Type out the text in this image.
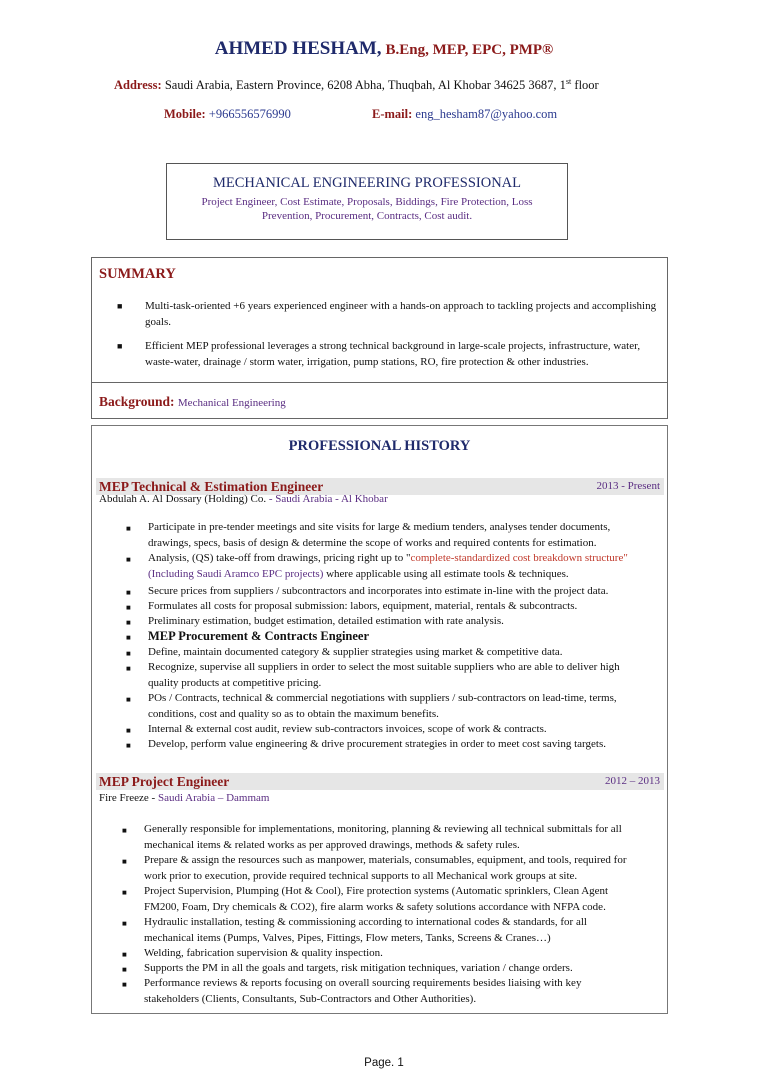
AHMED HESHAM, B.Eng, MEP, EPC, PMP®
Address: Saudi Arabia, Eastern Province, 6208 Abha, Thuqbah, Al Khobar 34625 3687, 1st floor
Mobile: +966556576990	E-mail: eng_hesham87@yahoo.com
MECHANICAL ENGINEERING PROFESSIONAL
Project Engineer, Cost Estimate, Proposals, Biddings, Fire Protection, Loss Prevention, Procurement, Contracts, Cost audit.
SUMMARY
■ Multi-task-oriented +6 years experienced engineer with a hands-on approach to tackling projects and accomplishing goals.
■ Efficient MEP professional leverages a strong technical background in large-scale projects, infrastructure, water, waste-water, drainage / storm water, irrigation, pump stations, RO, fire protection & other industries.
Background: Mechanical Engineering
PROFESSIONAL HISTORY
MEP Technical & Estimation Engineer	2013 - Present
Abdulah A. Al Dossary (Holding) Co. - Saudi Arabia - Al Khobar
■ Participate in pre-tender meetings and site visits for large & medium tenders, analyses tender documents, drawings, specs, basis of design & determine the scope of works and required contents for estimation.
■ Analysis, (QS) take-off from drawings, pricing right up to "complete-standardized cost breakdown structure" (Including Saudi Aramco EPC projects) where applicable using all estimate tools & techniques.
■ Secure prices from suppliers / subcontractors and incorporates into estimate in-line with the project data.
■ Formulates all costs for proposal submission: labors, equipment, material, rentals & subcontracts.
■ Preliminary estimation, budget estimation, detailed estimation with rate analysis.
■ MEP Procurement & Contracts Engineer
■ Define, maintain documented category & supplier strategies using market & competitive data.
■ Recognize, supervise all suppliers in order to select the most suitable suppliers who are able to deliver high quality products at competitive pricing.
■ POs / Contracts, technical & commercial negotiations with suppliers / sub-contractors on lead-time, terms, conditions, cost and quality so as to obtain the maximum benefits.
■ Internal & external cost audit, review sub-contractors invoices, scope of work & contracts.
■ Develop, perform value engineering & drive procurement strategies in order to meet cost saving targets.
MEP Project Engineer	2012 – 2013
Fire Freeze - Saudi Arabia – Dammam
■ Generally responsible for implementations, monitoring, planning & reviewing all technical submittals for all mechanical items & related works as per approved drawings, methods & safety rules.
■ Prepare & assign the resources such as manpower, materials, consumables, equipment, and tools, required for work prior to execution, provide required technical supports to all Mechanical work groups at site.
■ Project Supervision, Plumping (Hot & Cool), Fire protection systems (Automatic sprinklers, Clean Agent FM200, Foam, Dry chemicals & CO2), fire alarm works & safety solutions accordance with NFPA code.
■ Hydraulic installation, testing & commissioning according to international codes & standards, for all mechanical items (Pumps, Valves, Pipes, Fittings, Flow meters, Tanks, Screens & Cranes…)
■ Welding, fabrication supervision & quality inspection.
■ Supports the PM in all the goals and targets, risk mitigation techniques, variation / change orders.
■ Performance reviews & reports focusing on overall sourcing requirements besides liaising with key stakeholders (Clients, Consultants, Sub-Contractors and Other Authorities).
Page. 1
